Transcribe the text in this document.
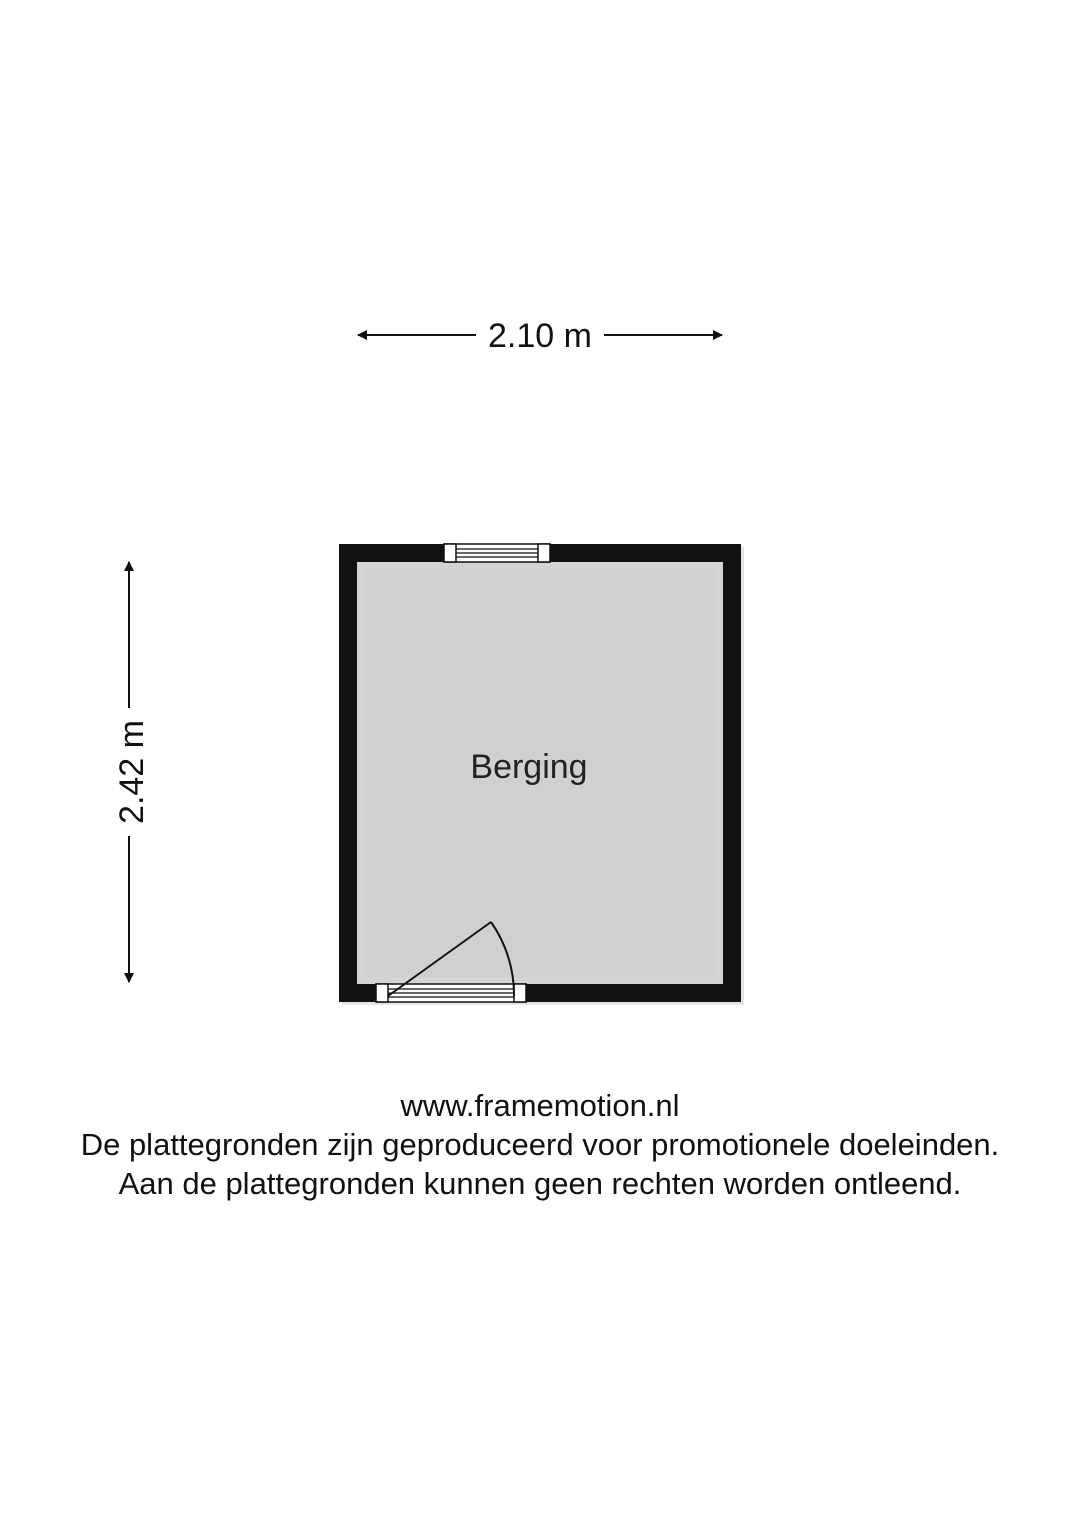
2.10 m
2.42 m	Berging
www.framemotion.nl
De plattegronden zijn geproduceerd voor promotionele doeleinden.
Aan de plattegronden kunnen geen rechten worden ontleend.
